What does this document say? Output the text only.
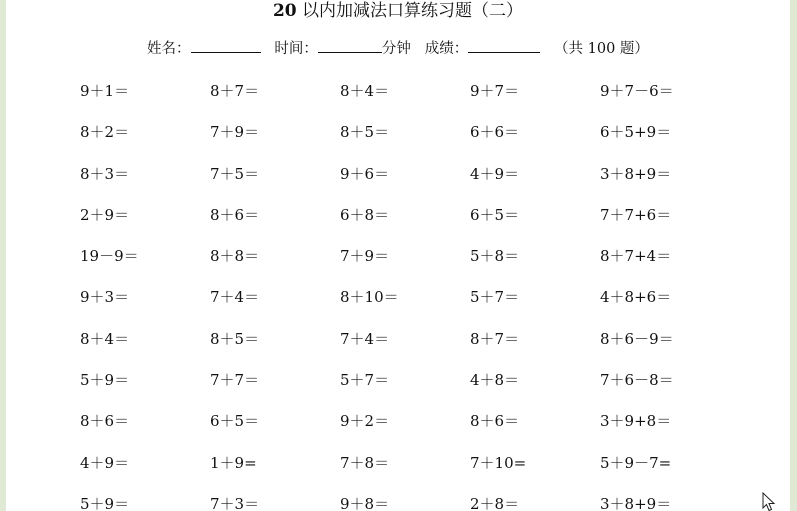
20 以内加减法口算练习题（二）
姓名：	时间：	分钟 成绩：	（共 100 题）
9＋1＝	8＋7＝	8＋4＝	9＋7＝	9＋7－6＝
8＋2＝	7＋9＝	8＋5＝	6＋6＝	6＋5+9＝
8＋3＝	7＋5＝	9＋6＝	4＋9＝	3＋8+9＝
2＋9＝	8＋6＝	6＋8＝	6＋5＝	7＋7+6＝
19－9＝	8＋8＝	7＋9＝	5＋8＝	8＋7+4＝
9＋3＝	7＋4＝	8＋10＝	5＋7＝	4＋8+6＝
8＋4＝	8＋5＝	7＋4＝	8＋7＝	8＋6－9＝
5＋9＝	7＋7＝	5＋7＝	4＋8＝	7＋6－8＝
8＋6＝	6＋5＝	9＋2＝	8＋6＝	3＋9+8＝
4＋9＝	1＋9=	7＋8＝	7＋10=	5＋9－7=
5＋9＝	7＋3＝	9＋8＝	2＋8＝	3＋8+9＝
